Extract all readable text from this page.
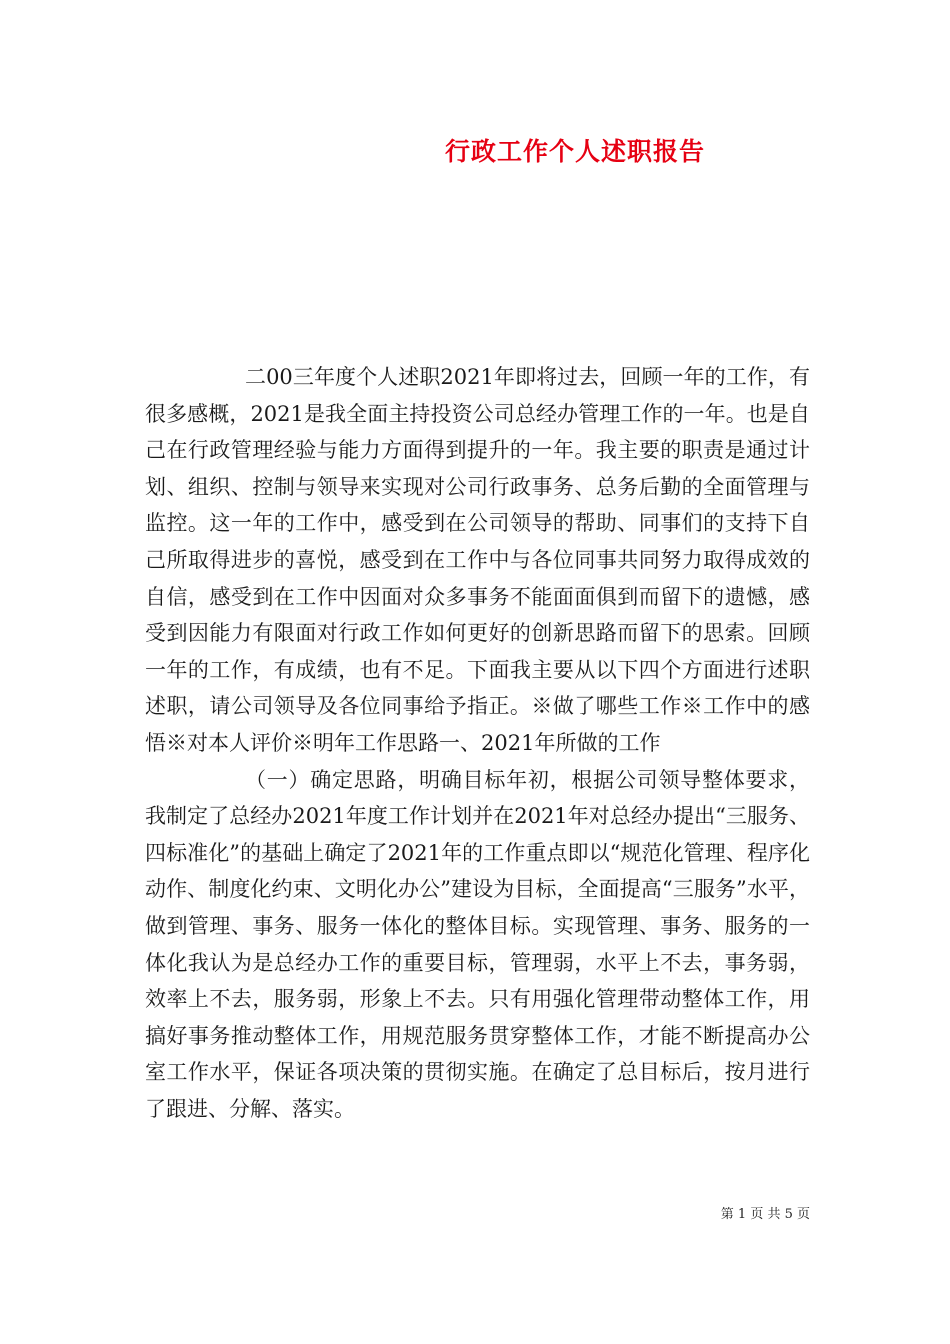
行政工作个人述职报告

二00三年度个人述职2021年即将过去，回顾一年的工作，有很多感概，2021是我全面主持投资公司总经办管理工作的一年。也是自己在行政管理经验与能力方面得到提升的一年。我主要的职责是通过计划、组织、控制与领导来实现对公司行政事务、总务后勤的全面管理与监控。这一年的工作中，感受到在公司领导的帮助、同事们的支持下自己所取得进步的喜悦，感受到在工作中与各位同事共同努力取得成效的自信，感受到在工作中因面对众多事务不能面面俱到而留下的遗憾，感受到因能力有限面对行政工作如何更好的创新思路而留下的思索。回顾一年的工作，有成绩，也有不足。下面我主要从以下四个方面进行述职述职，请公司领导及各位同事给予指正。※做了哪些工作※工作中的感悟※对本人评价※明年工作思路一、2021年所做的工作

（一）确定思路，明确目标年初，根据公司领导整体要求，我制定了总经办2021年度工作计划并在2021年对总经办提出“三服务、四标准化”的基础上确定了2021年的工作重点即以“规范化管理、程序化动作、制度化约束、文明化办公”建设为目标，全面提高“三服务”水平，做到管理、事务、服务一体化的整体目标。实现管理、事务、服务的一体化我认为是总经办工作的重要目标，管理弱，水平上不去，事务弱，效率上不去，服务弱，形象上不去。只有用强化管理带动整体工作，用搞好事务推动整体工作，用规范服务贯穿整体工作，才能不断提高办公室工作水平，保证各项决策的贯彻实施。在确定了总目标后，按月进行了跟进、分解、落实。

第 1 页 共 5 页
